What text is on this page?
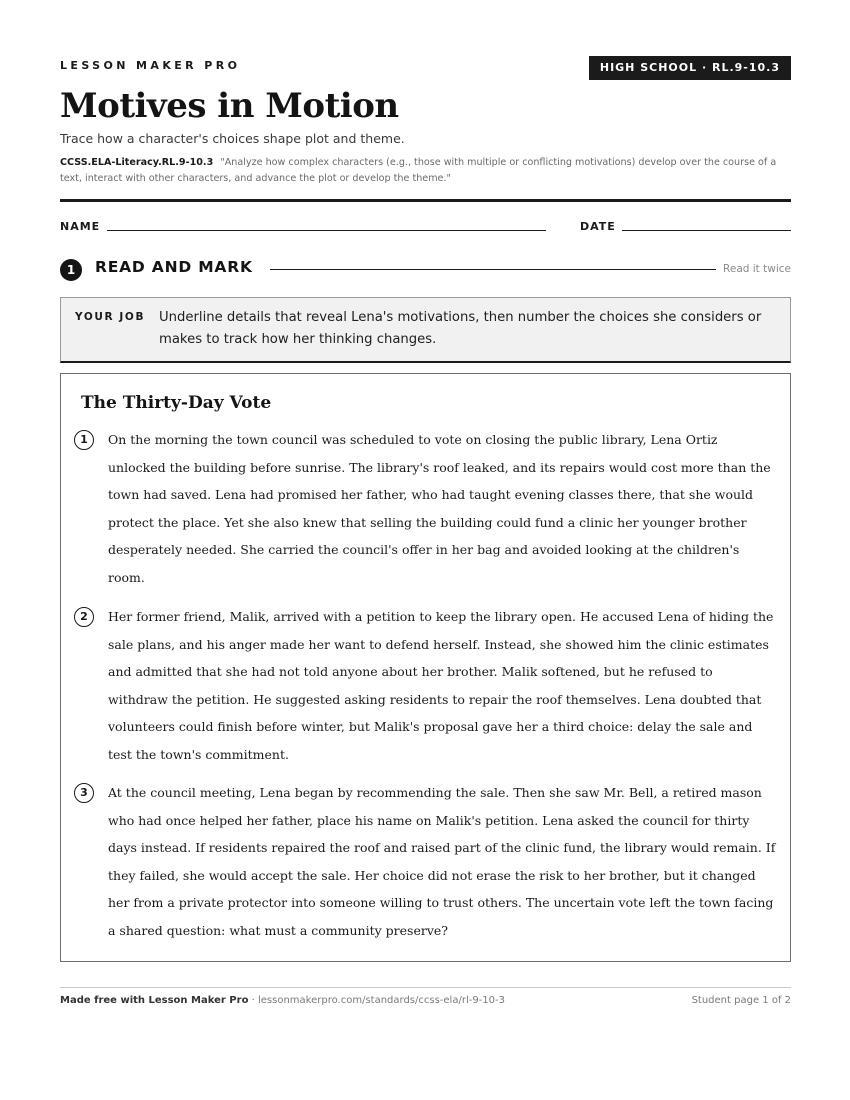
LESSON MAKER PRO	HIGH SCHOOL · RL.9-10.3
Motives in Motion
Trace how a character's choices shape plot and theme.
CCSS.ELA-Literacy.RL.9-10.3 "Analyze how complex characters (e.g., those with multiple or conflicting motivations) develop over the course of a text, interact with other characters, and advance the plot or develop the theme."
NAME	DATE
1	READ AND MARK	Read it twice
YOUR JOB Underline details that reveal Lena's motivations, then number the choices she considers or makes to track how her thinking changes.
The Thirty-Day Vote
1	On the morning the town council was scheduled to vote on closing the public library, Lena Ortiz unlocked the building before sunrise. The library's roof leaked, and its repairs would cost more than the town had saved. Lena had promised her father, who had taught evening classes there, that she would protect the place. Yet she also knew that selling the building could fund a clinic her younger brother desperately needed. She carried the council's offer in her bag and avoided looking at the children's room.
2	Her former friend, Malik, arrived with a petition to keep the library open. He accused Lena of hiding the sale plans, and his anger made her want to defend herself. Instead, she showed him the clinic estimates and admitted that she had not told anyone about her brother. Malik softened, but he refused to withdraw the petition. He suggested asking residents to repair the roof themselves. Lena doubted that volunteers could finish before winter, but Malik's proposal gave her a third choice: delay the sale and test the town's commitment.
3	At the council meeting, Lena began by recommending the sale. Then she saw Mr. Bell, a retired mason who had once helped her father, place his name on Malik's petition. Lena asked the council for thirty days instead. If residents repaired the roof and raised part of the clinic fund, the library would remain. If they failed, she would accept the sale. Her choice did not erase the risk to her brother, but it changed her from a private protector into someone willing to trust others. The uncertain vote left the town facing a shared question: what must a community preserve?
Made free with Lesson Maker Pro · lessonmakerpro.com/standards/ccss-ela/rl-9-10-3	Student page 1 of 2
